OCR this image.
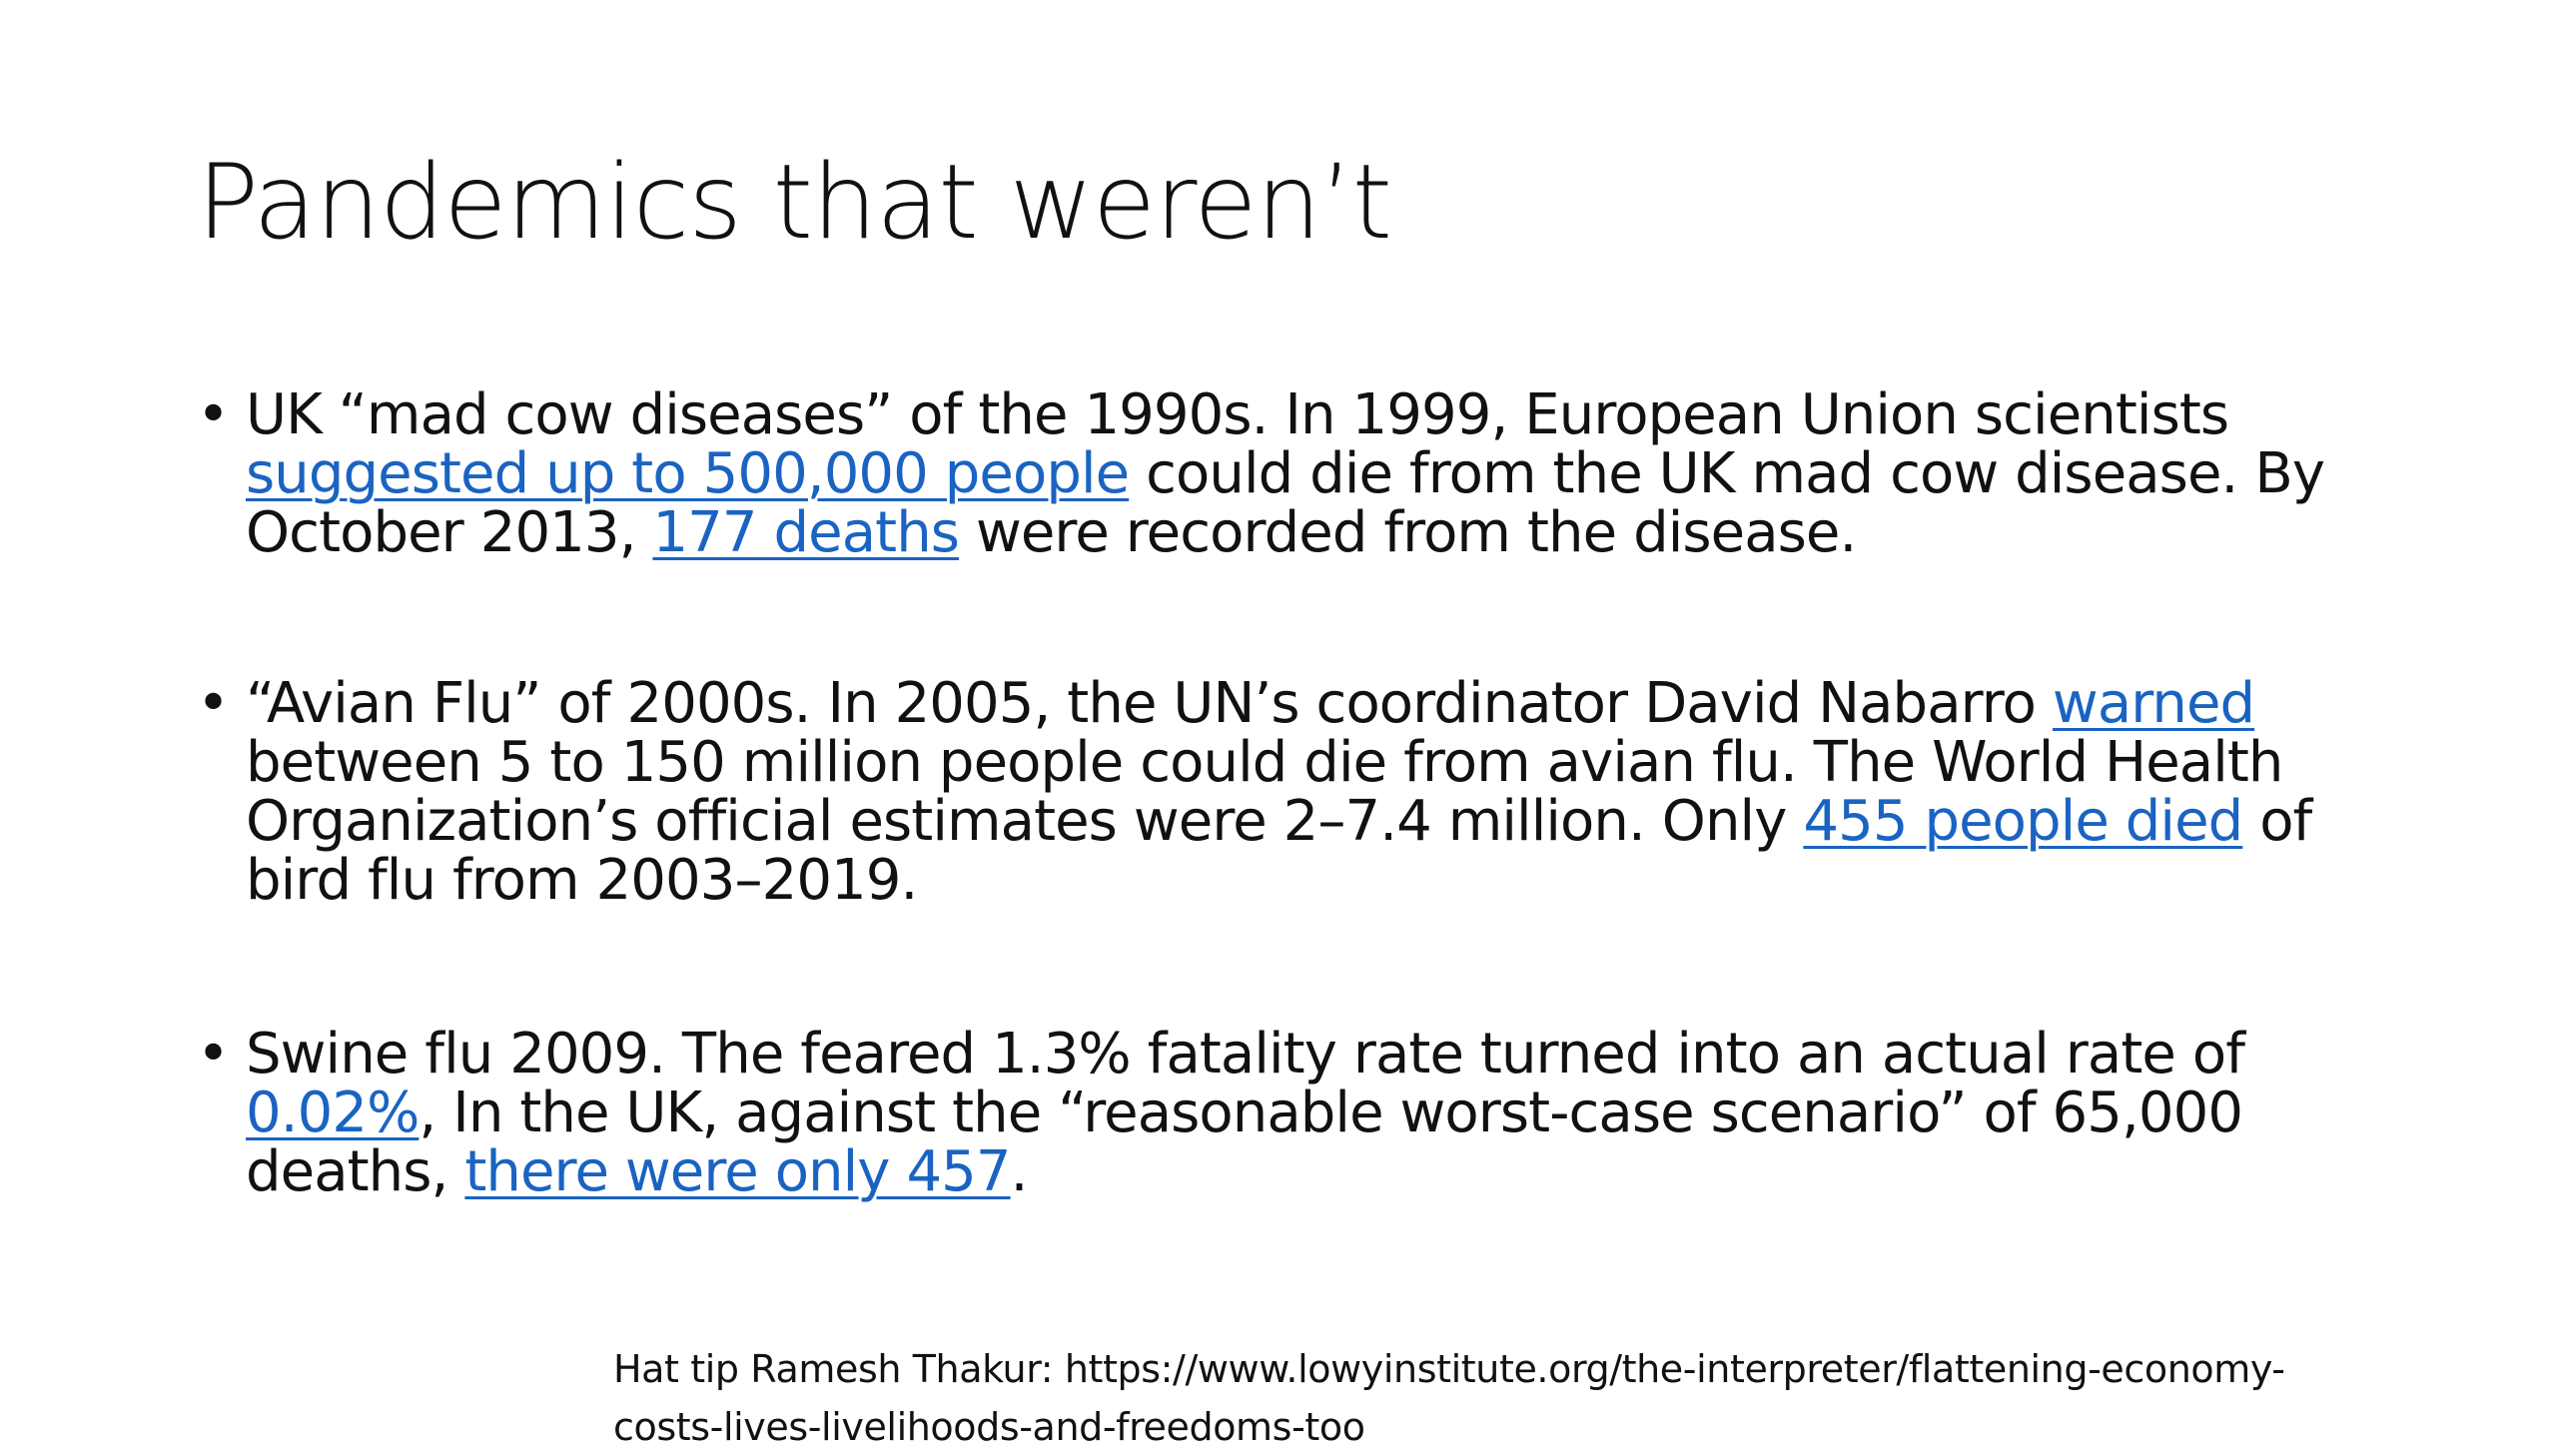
Pandemics that weren’t
• UK “mad cow diseases” of the 1990s. In 1999, European Union scientists suggested up to 500,000 people could die from the UK mad cow disease. By October 2013, 177 deaths were recorded from the disease.
• “Avian Flu” of 2000s. In 2005, the UN’s coordinator David Nabarro warned between 5 to 150 million people could die from avian flu. The World Health Organization’s official estimates were 2–7.4 million. Only 455 people died of bird flu from 2003–2019.
• Swine flu 2009. The feared 1.3% fatality rate turned into an actual rate of 0.02%, In the UK, against the “reasonable worst-case scenario” of 65,000 deaths, there were only 457.

Hat tip Ramesh Thakur: https://www.lowyinstitute.org/the-interpreter/flattening-economy-costs-lives-livelihoods-and-freedoms-too
